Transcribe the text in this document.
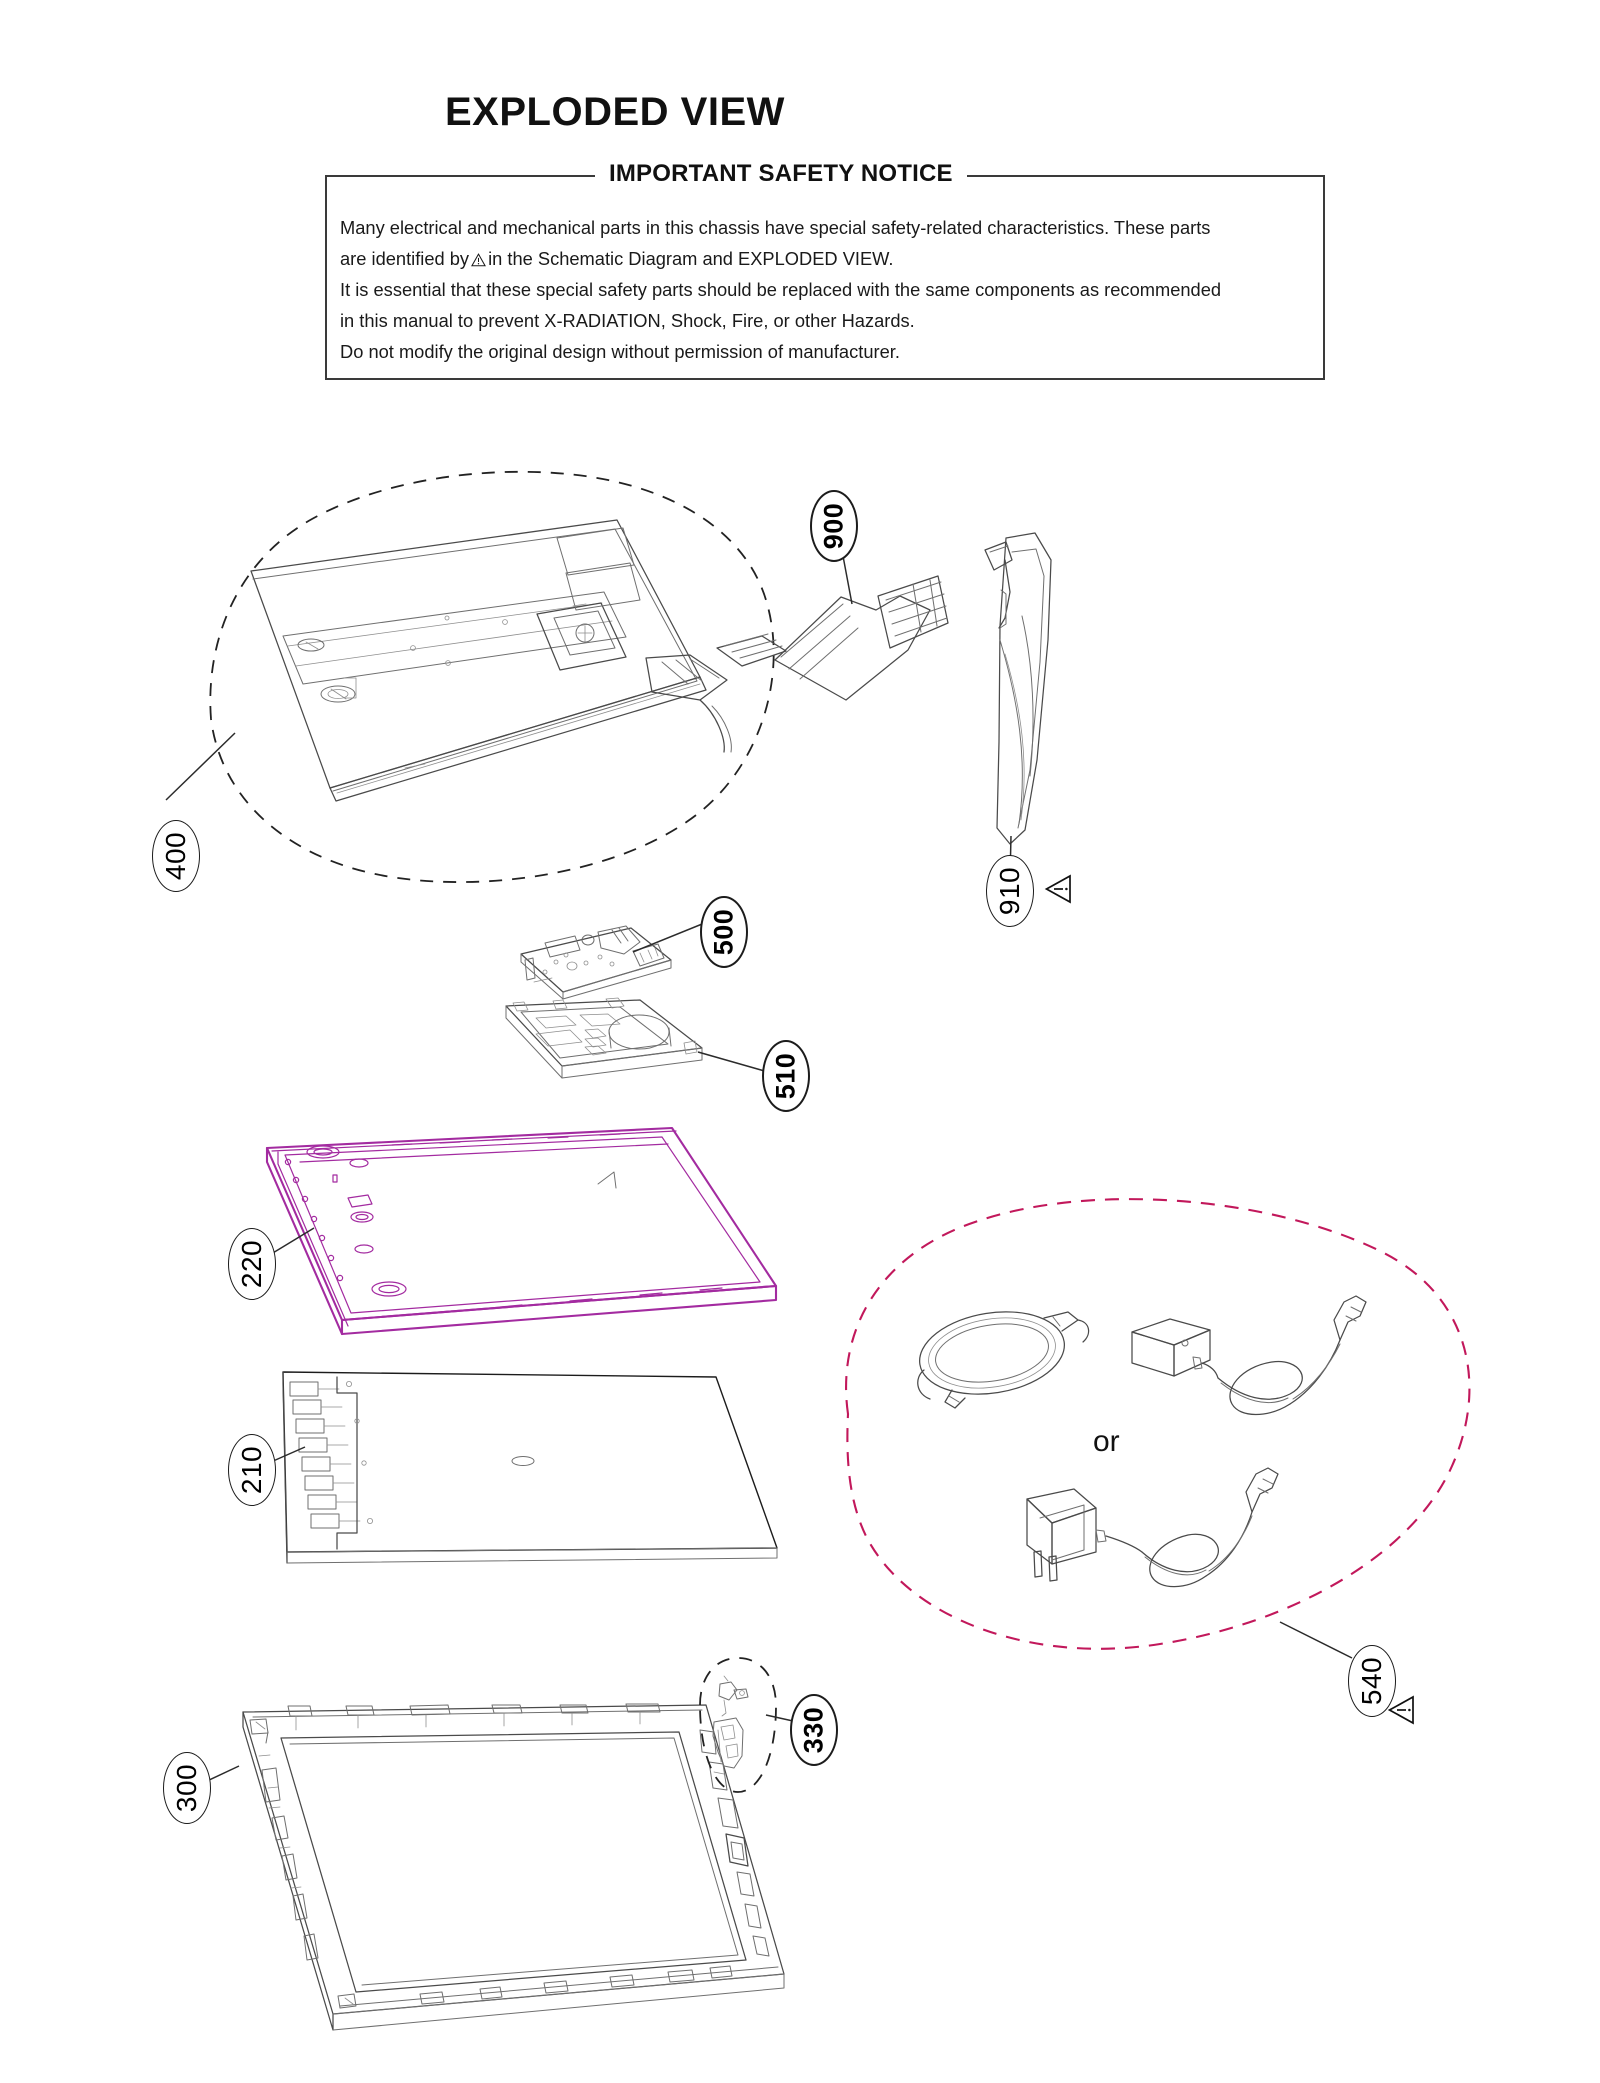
EXPLODED VIEW
IMPORTANT SAFETY NOTICE

Many electrical and mechanical parts in this chassis have special safety-related characteristics. These parts

are identified by in the Schematic Diagram and EXPLODED VIEW.

It is essential that these special safety parts should be replaced with the same components as recommended

in this manual to prevent X-RADIATION, Shock, Fire, or other Hazards.

Do not modify the original design without permission of manufacturer.

400
900
910
500
510
220
210
540
300
330
or
